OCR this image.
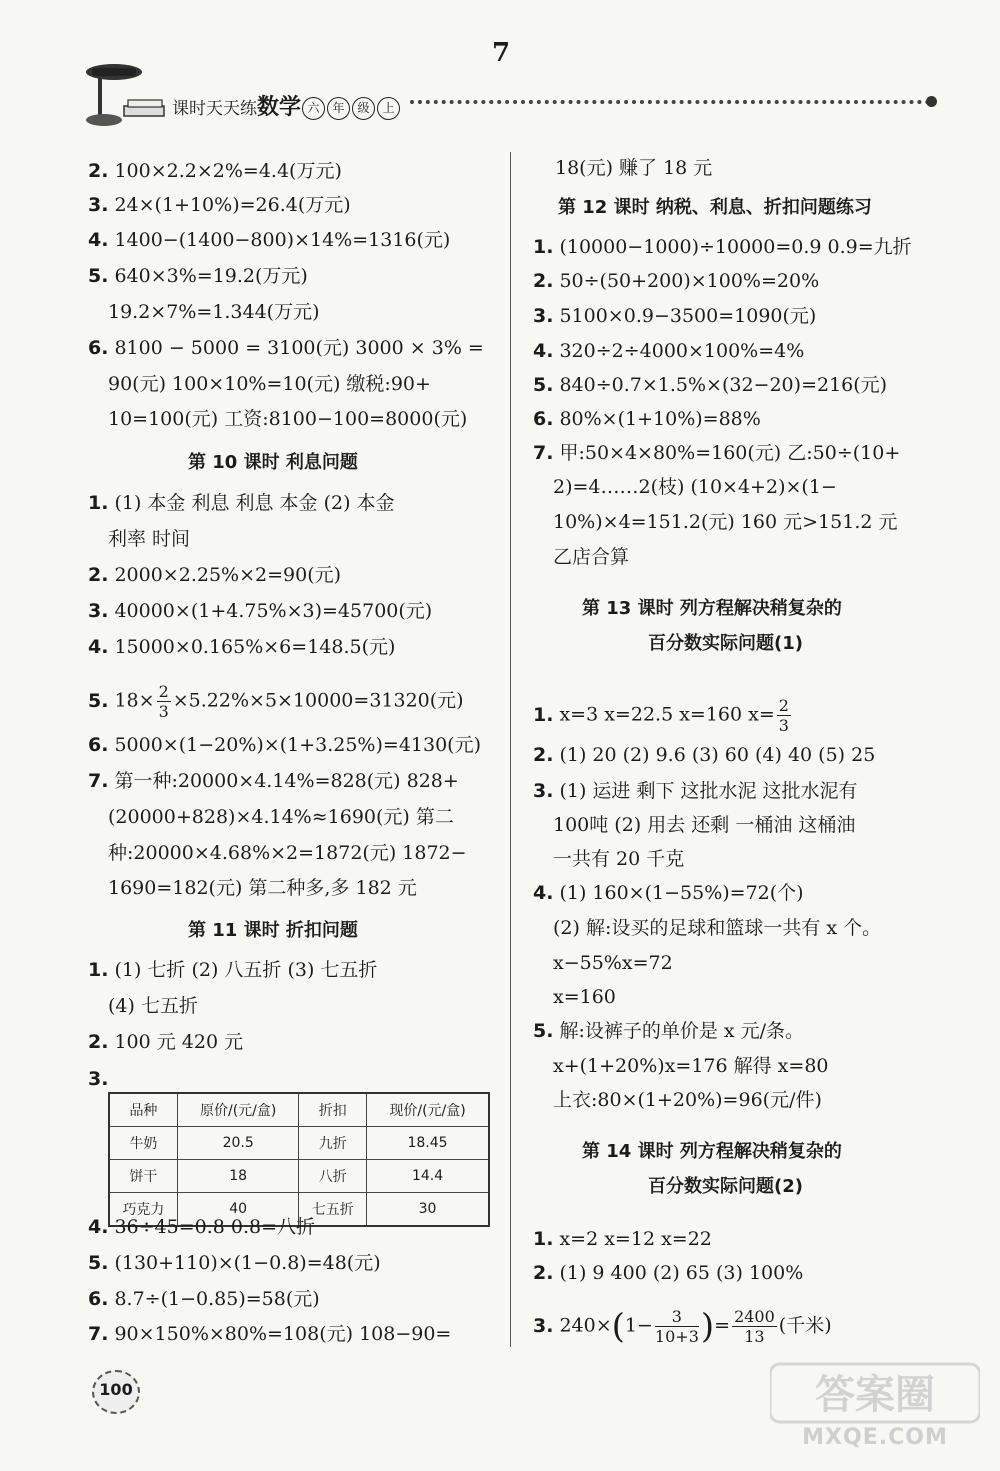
7
课时天天练数学 六 年 级 上
2. 100×2.2×2%=4.4(万元)
3. 24×(1+10%)=26.4(万元)
4. 1400−(1400−800)×14%=1316(元)
5. 640×3%=19.2(万元)
19.2×7%=1.344(万元)
6. 8100 − 5000 = 3100(元) 3000 × 3% =
90(元) 100×10%=10(元) 缴税:90+
10=100(元) 工资:8100−100=8000(元)
第 10 课时 利息问题
1. (1) 本金 利息 利息 本金 (2) 本金
利率 时间
2. 2000×2.25%×2=90(元)
3. 40000×(1+4.75%×3)=45700(元)
4. 15000×0.165%×6=148.5(元)
5. $18\times \frac{2}{3} \times 5.22\%\times 5\times 10000=31320$(元)
6. 5000×(1−20%)×(1+3.25%)=4130(元)
7. 第一种:20000×4.14%=828(元) 828+
(20000+828)×4.14%≈1690(元) 第二
种:20000×4.68%×2=1872(元) 1872−
1690=182(元) 第二种多,多 182 元
第 11 课时 折扣问题
1. (1) 七折 (2) 八五折 (3) 七五折
(4) 七五折
2. 100 元 420 元
3.
品种	原价/(元/盒)	折扣	现价/(元/盒)
牛奶	20.5	九折	18.45
饼干	18	八折	14.4
巧克力	40	七五折	30
4. 36÷45=0.8 0.8=八折
5. (130+110)×(1−0.8)=48(元)
6. 8.7÷(1−0.85)=58(元)
7. 90×150%×80%=108(元) 108−90=
18(元) 赚了 18 元
第 12 课时 纳税、利息、折扣问题练习
1. (10000−1000)÷10000=0.9 0.9=九折
2. 50÷(50+200)×100%=20%
3. 5100×0.9−3500=1090(元)
4. 320÷2÷4000×100%=4%
5. 840÷0.7×1.5%×(32−20)=216(元)
6. 80%×(1+10%)=88%
7. 甲:50×4×80%=160(元) 乙:50÷(10+
2)=4……2(枝) (10×4+2)×(1−
10%)×4=151.2(元) 160 元>151.2 元
乙店合算
第 13 课时 列方程解决稍复杂的
百分数实际问题(1)
1. x=3 x=22.5 x=160 $x= \frac{2}{3}$
2. (1) 20 (2) 9.6 (3) 60 (4) 40 (5) 25
3. (1) 运进 剩下 这批水泥 这批水泥有
100吨 (2) 用去 还剩 一桶油 这桶油
一共有 20 千克
4. (1) 160×(1−55%)=72(个)
(2) 解:设买的足球和篮球一共有 x 个。
x−55%x=72
x=160
5. 解:设裤子的单价是 x 元/条。
x+(1+20%)x=176 解得 x=80
上衣:80×(1+20%)=96(元/件)
第 14 课时 列方程解决稍复杂的
百分数实际问题(2)
1. x=2 x=12 x=22
2. (1) 9 400 (2) 65 (3) 100%
3. $240\times(1- \frac{3}{10+3}$ )= $\frac{2400}{13}$ (千米)
100	答案圈
MXQE.COM
